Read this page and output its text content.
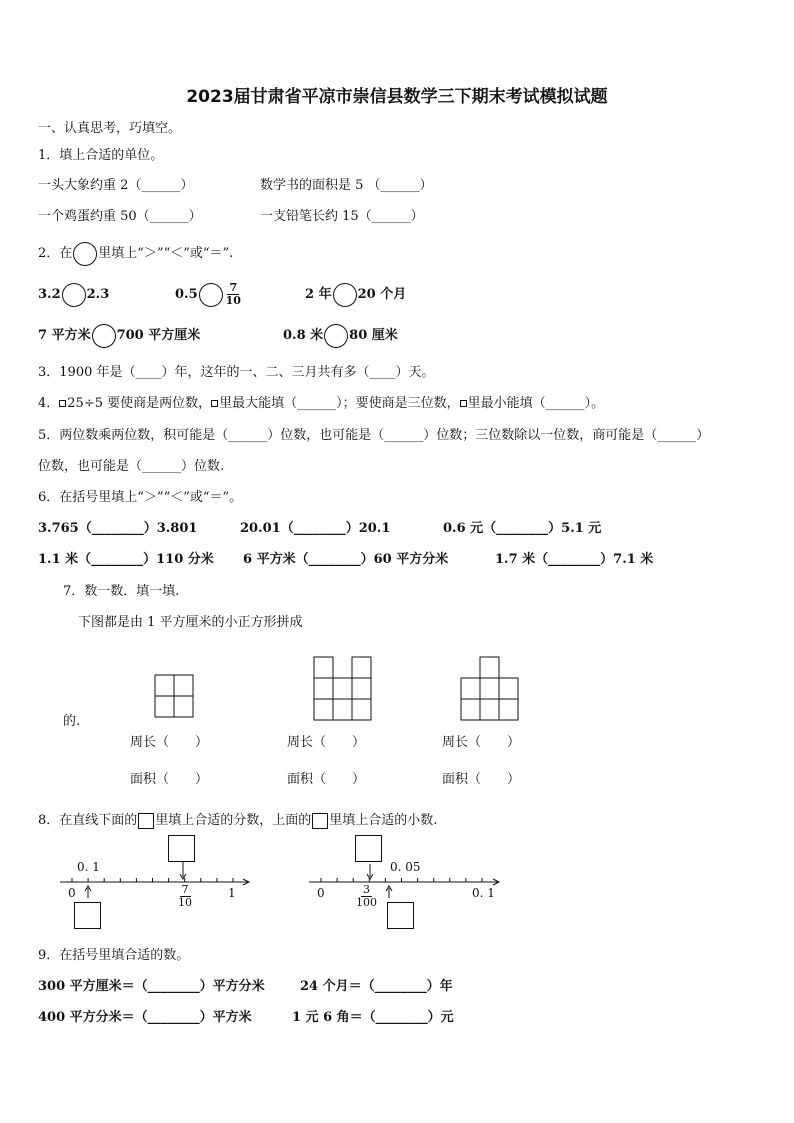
2023届甘肃省平凉市崇信县数学三下期末考试模拟试题
一、认真思考，巧填空。
1．填上合适的单位。
一头大象约重 2（______）	数学书的面积是 5 （______）
一个鸡蛋约重 50（______）	一支铅笔长约 15（______）
2．在 里填上“＞”“＜”或“＝”.
3.2 2.3	0.5	$\frac{7}{10}$	2 年 20 个月
7 平方米 700 平方厘米	0.8 米 80 厘米
3．1900 年是（____）年，这年的一、二、三月共有多（____）天。
4． 25÷5 要使商是两位数， 里最大能填（______）；要使商是三位数， 里最小能填（______）。
5．两位数乘两位数，积可能是（______）位数，也可能是（______）位数；三位数除以一位数，商可能是（______）
位数，也可能是（______）位数.
6．在括号里填上“＞”“＜”或“＝”。
3.765（________）3.801	20.01（________）20.1	0.6 元（________）5.1 元
1.1 米（________）110 分米 6 平方米（________）60 平方分米	1.7 米（________）7.1 米
7．数一数．填一填.
下图都是由 1 平方厘米的小正方形拼成
的.
周长（　　）	周长（　　）	周长（　　）
面积（　　）	面积（　　）	面积（　　）
8．在直线下面的 里填上合适的分数，上面的 里填上合适的小数.
0. 1
0	$\frac{7}{10}$	1
0. 05
0	$\frac{3}{100}$	0. 1
9．在括号里填合适的数。
300 平方厘米＝（________）平方分米	24 个月＝（________）年
400 平方分米＝（________）平方米	1 元 6 角＝（________）元
